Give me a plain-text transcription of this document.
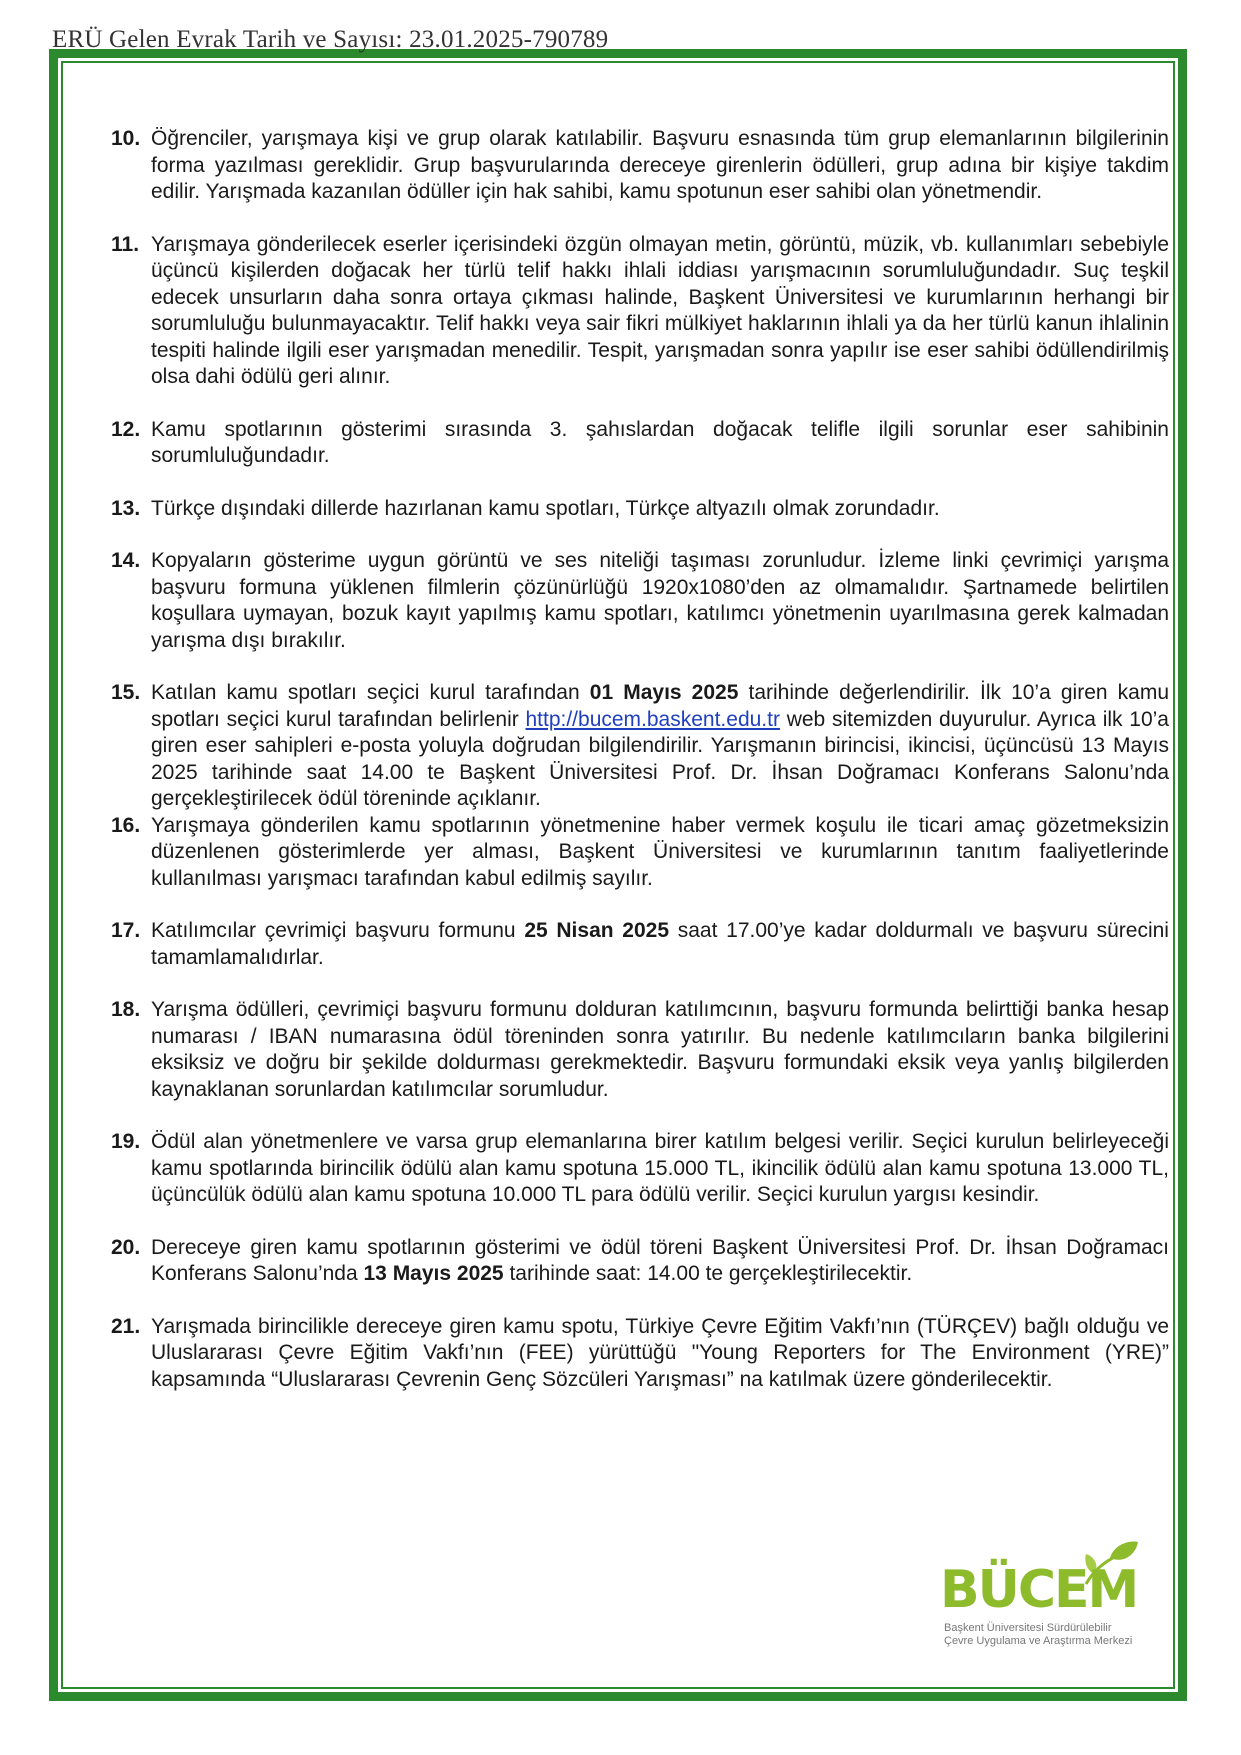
ERÜ Gelen Evrak Tarih ve Sayısı: 23.01.2025-790789
10. Öğrenciler, yarışmaya kişi ve grup olarak katılabilir. Başvuru esnasında tüm grup elemanlarının bilgilerinin forma yazılması gereklidir. Grup başvurularında dereceye girenlerin ödülleri, grup adına bir kişiye takdim edilir. Yarışmada kazanılan ödüller için hak sahibi, kamu spotunun eser sahibi olan yönetmendir.
11. Yarışmaya gönderilecek eserler içerisindeki özgün olmayan metin, görüntü, müzik, vb. kullanımları sebebiyle üçüncü kişilerden doğacak her türlü telif hakkı ihlali iddiası yarışmacının sorumluluğundadır. Suç teşkil edecek unsurların daha sonra ortaya çıkması halinde, Başkent Üniversitesi ve kurumlarının herhangi bir sorumluluğu bulunmayacaktır. Telif hakkı veya sair fikri mülkiyet haklarının ihlali ya da her türlü kanun ihlalinin tespiti halinde ilgili eser yarışmadan menedilir. Tespit, yarışmadan sonra yapılır ise eser sahibi ödüllendirilmiş olsa dahi ödülü geri alınır.
12. Kamu spotlarının gösterimi sırasında 3. şahıslardan doğacak telifle ilgili sorunlar eser sahibinin sorumluluğundadır.
13. Türkçe dışındaki dillerde hazırlanan kamu spotları, Türkçe altyazılı olmak zorundadır.
14. Kopyaların gösterime uygun görüntü ve ses niteliği taşıması zorunludur. İzleme linki çevrimiçi yarışma başvuru formuna yüklenen filmlerin çözünürlüğü 1920x1080’den az olmamalıdır. Şartnamede belirtilen koşullara uymayan, bozuk kayıt yapılmış kamu spotları, katılımcı yönetmenin uyarılmasına gerek kalmadan yarışma dışı bırakılır.
15. Katılan kamu spotları seçici kurul tarafından 01 Mayıs 2025 tarihinde değerlendirilir. İlk 10’a giren kamu spotları seçici kurul tarafından belirlenir http://bucem.baskent.edu.tr web sitemizden duyurulur. Ayrıca ilk 10’a giren eser sahipleri e-posta yoluyla doğrudan bilgilendirilir. Yarışmanın birincisi, ikincisi, üçüncüsü 13 Mayıs 2025 tarihinde saat 14.00 te Başkent Üniversitesi Prof. Dr. İhsan Doğramacı Konferans Salonu’nda gerçekleştirilecek ödül töreninde açıklanır.
16. Yarışmaya gönderilen kamu spotlarının yönetmenine haber vermek koşulu ile ticari amaç gözetmeksizin düzenlenen gösterimlerde yer alması, Başkent Üniversitesi ve kurumlarının tanıtım faaliyetlerinde kullanılması yarışmacı tarafından kabul edilmiş sayılır.
17. Katılımcılar çevrimiçi başvuru formunu 25 Nisan 2025 saat 17.00’ye kadar doldurmalı ve başvuru sürecini tamamlamalıdırlar.
18. Yarışma ödülleri, çevrimiçi başvuru formunu dolduran katılımcının, başvuru formunda belirttiği banka hesap numarası / IBAN numarasına ödül töreninden sonra yatırılır. Bu nedenle katılımcıların banka bilgilerini eksiksiz ve doğru bir şekilde doldurması gerekmektedir. Başvuru formundaki eksik veya yanlış bilgilerden kaynaklanan sorunlardan katılımcılar sorumludur.
19. Ödül alan yönetmenlere ve varsa grup elemanlarına birer katılım belgesi verilir. Seçici kurulun belirleyeceği kamu spotlarında birincilik ödülü alan kamu spotuna 15.000 TL, ikincilik ödülü alan kamu spotuna 13.000 TL, üçüncülük ödülü alan kamu spotuna 10.000 TL para ödülü verilir. Seçici kurulun yargısı kesindir.
20. Dereceye giren kamu spotlarının gösterimi ve ödül töreni Başkent Üniversitesi Prof. Dr. İhsan Doğramacı Konferans Salonu’nda 13 Mayıs 2025 tarihinde saat: 14.00 te gerçekleştirilecektir.
21. Yarışmada birincilikle dereceye giren kamu spotu, Türkiye Çevre Eğitim Vakfı’nın (TÜRÇEV) bağlı olduğu ve Uluslararası Çevre Eğitim Vakfı’nın (FEE) yürüttüğü "Young Reporters for The Environment (YRE)” kapsamında “Uluslararası Çevrenin Genç Sözcüleri Yarışması” na katılmak üzere gönderilecektir.
BÜCEM
Başkent Üniversitesi Sürdürülebilir
Çevre Uygulama ve Araştırma Merkezi
